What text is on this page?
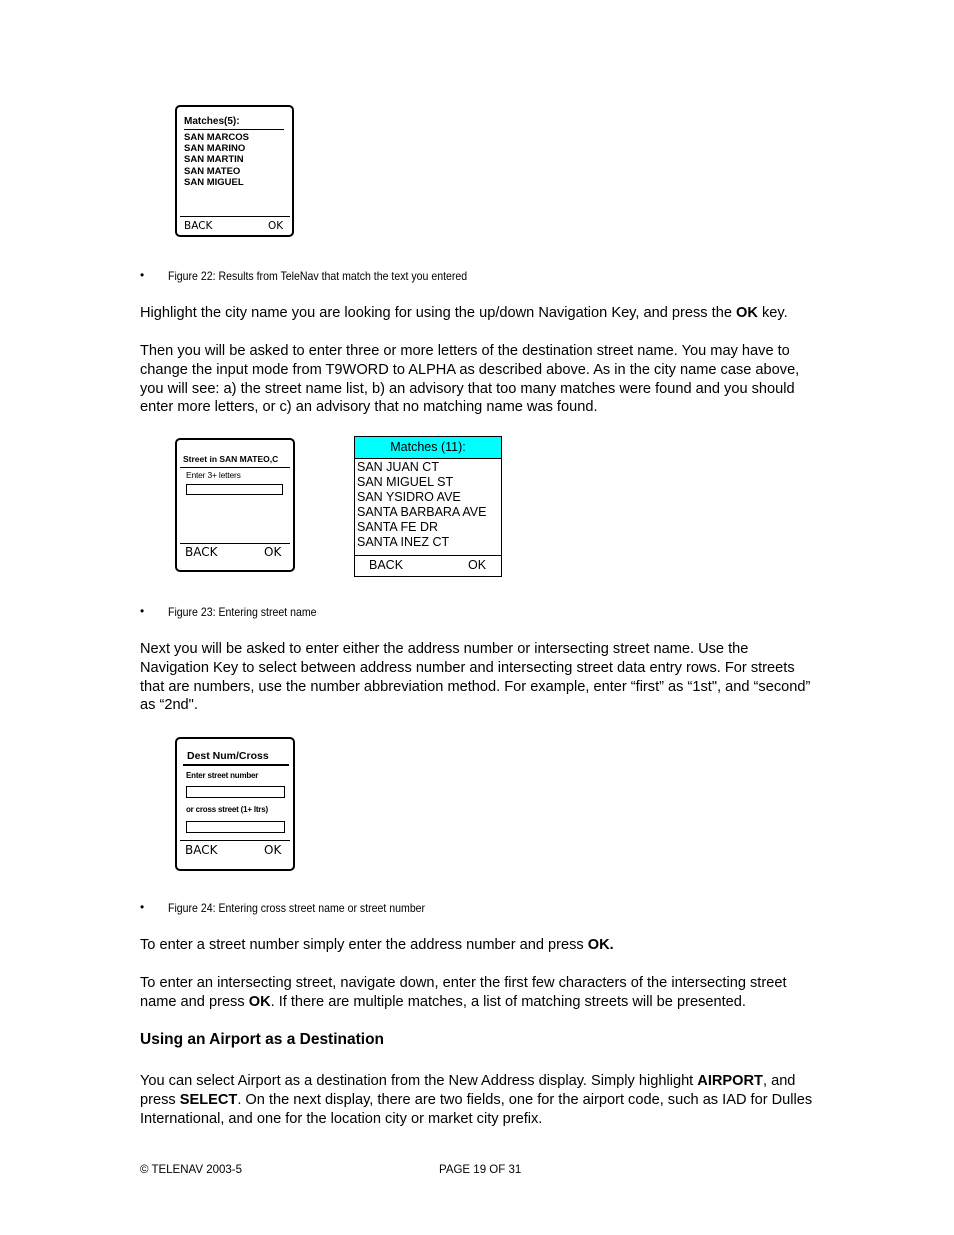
Matches(5):
SAN MARCOS
SAN MARINO
SAN MARTIN
SAN MATEO
SAN MIGUEL
BACK	OK
• Figure 22: Results from TeleNav that match the text you entered
Highlight the city name you are looking for using the up/down Navigation Key, and press the OK key.
Then you will be asked to enter three or more letters of the destination street name. You may have to change the input mode from T9WORD to ALPHA as described above. As in the city name case above, you will see: a) the street name list, b) an advisory that too many matches were found and you should enter more letters, or c) an advisory that no matching name was found.
Street in SAN MATEO,C
Enter 3+ letters
BACK	OK
Matches (11):
SAN JUAN CT
SAN MIGUEL ST
SAN YSIDRO AVE
SANTA BARBARA AVE
SANTA FE DR
SANTA INEZ CT
BACK	OK
• Figure 23: Entering street name
Next you will be asked to enter either the address number or intersecting street name. Use the Navigation Key to select between address number and intersecting street data entry rows. For streets that are numbers, use the number abbreviation method. For example, enter “first” as “1st", and “second” as “2nd".
Dest Num/Cross
Enter street number
or cross street (1+ ltrs)
BACK	OK
• Figure 24: Entering cross street name or street number
To enter a street number simply enter the address number and press OK.
To enter an intersecting street, navigate down, enter the first few characters of the intersecting street name and press OK. If there are multiple matches, a list of matching streets will be presented.
Using an Airport as a Destination
You can select Airport as a destination from the New Address display. Simply highlight AIRPORT, and press SELECT. On the next display, there are two fields, one for the airport code, such as IAD for Dulles International, and one for the location city or market city prefix.
© TELENAV 2003-5	PAGE 19 OF 31
